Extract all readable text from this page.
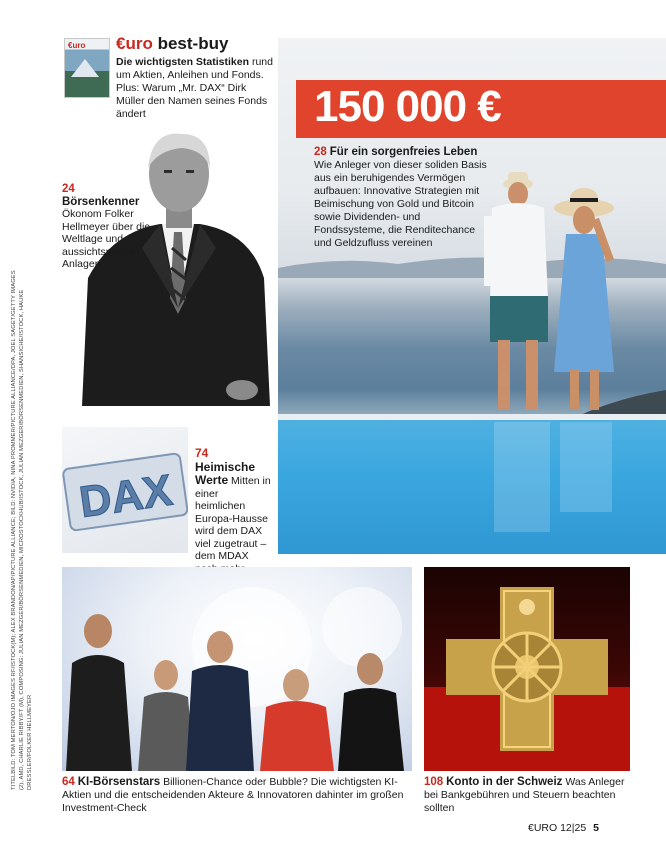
€uro €uro best-buy
Die wichtigsten Statistiken rund um Aktien, Anleihen und Fonds. Plus: Warum „Mr. DAX“ Dirk Müller den Namen seines Fonds ändert
24 Börsenkenner
Ökonom Folker Hellmeyer über die Weltlage und aussichtsreiche Anlagen
150 000 €
28 Für ein sorgenfreies Leben
Wie Anleger von dieser soliden Basis aus ein beruhigendes Vermögen aufbauen: Innovative Strategien mit Beimischung von Gold und Bitcoin sowie Dividenden- und Fondssysteme, die Renditechance und Geldzufluss vereinen
DAX
74 Heimische Werte Mitten in einer heimlichen Europa-Hausse wird dem DAX viel zugetraut – dem MDAX
TITELBILD: TOM MERTON/OJO IMAGES RF/ISTOCK(M); ALEX BRANDON/AP/PICTURE ALLIANCE; BILD: NVIDIA, NINA PROMMER/PICTURE ALLIANCE/DPA, JOEL SAGET/GETTY IMAGES (2), AMD, CHARLIE RIBBY/FT (M), COMPOSING: JULIAN MEZGER/BÖRSENMEDIEN, MICROSTOCKHUB/ISTOCK, JULIAN MEZGER/BÖRSENMEDIEN, SHANSICHE/ISTOCK, HAUKE DRESSLER/FOLKER HELLMEYER	64 KI-Börsenstars Billionen-Chance oder Bubble? Die wichtigsten KI-Aktien und die entscheidenden Akteure & Innovatoren dahinter im großen Investment-Check
108 Konto in der Schweiz Was Anleger bei Bankgebühren und Steuern beachten sollten
€URO 12|25 5
